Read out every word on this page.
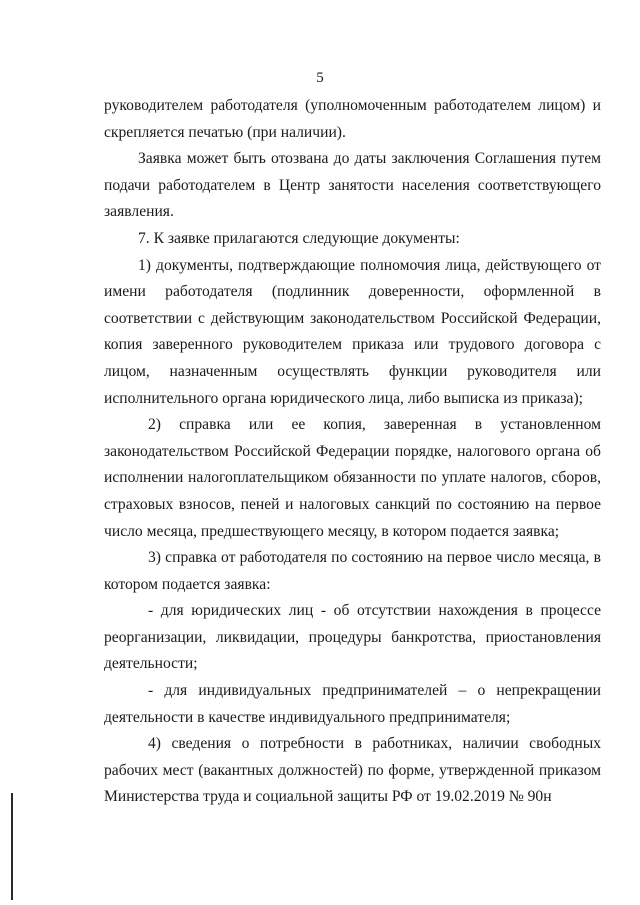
5

руководителем работодателя (уполномоченным работодателем лицом) и скрепляется печатью (при наличии).

Заявка может быть отозвана до даты заключения Соглашения путем подачи работодателем в Центр занятости населения соответствующего заявления.

7. К заявке прилагаются следующие документы:

1) документы, подтверждающие полномочия лица, действующего от имени работодателя (подлинник доверенности, оформленной в соответствии с действующим законодательством Российской Федерации, копия заверенного руководителем приказа или трудового договора с лицом, назначенным осуществлять функции руководителя или исполнительного органа юридического лица, либо выписка из приказа);

2) справка или ее копия, заверенная в установленном законодательством Российской Федерации порядке, налогового органа об исполнении налогоплательщиком обязанности по уплате налогов, сборов, страховых взносов, пеней и налоговых санкций по состоянию на первое число месяца, предшествующего месяцу, в котором подается заявка;

3) справка от работодателя по состоянию на первое число месяца, в котором подается заявка:

- для юридических лиц - об отсутствии нахождения в процессе реорганизации, ликвидации, процедуры банкротства, приостановления деятельности;

- для индивидуальных предпринимателей – о непрекращении деятельности в качестве индивидуального предпринимателя;

4) сведения о потребности в работниках, наличии свободных рабочих мест (вакантных должностей) по форме, утвержденной приказом Министерства труда и социальной защиты РФ от 19.02.2019 № 90н
